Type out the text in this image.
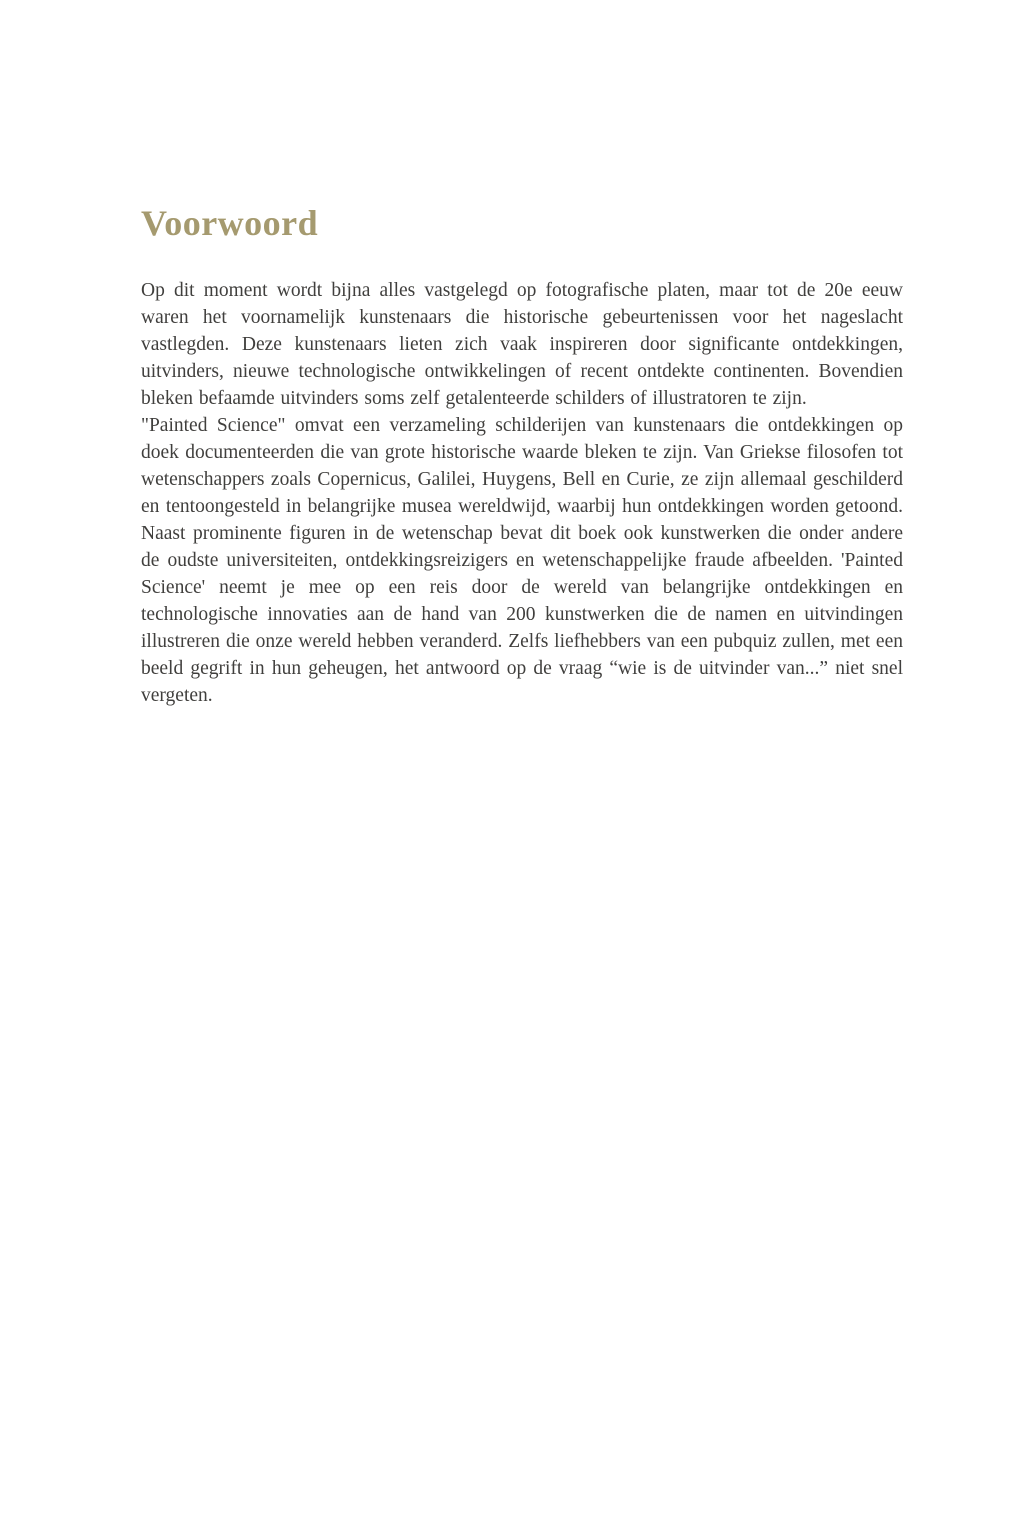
Voorwoord

Op dit moment wordt bijna alles vastgelegd op fotografische platen, maar tot de 20e eeuw waren het voornamelijk kunstenaars die historische gebeurtenissen voor het nageslacht vastlegden. Deze kunstenaars lieten zich vaak inspireren door significante ontdekkingen, uitvinders, nieuwe technologische ontwikkelingen of recent ontdekte continenten. Bovendien bleken befaamde uitvinders soms zelf getalenteerde schilders of illustratoren te zijn.

"Painted Science" omvat een verzameling schilderijen van kunstenaars die ontdekkingen op doek documenteerden die van grote historische waarde bleken te zijn. Van Griekse filosofen tot wetenschappers zoals Copernicus, Galilei, Huygens, Bell en Curie, ze zijn allemaal geschilderd en tentoongesteld in belangrijke musea wereldwijd, waarbij hun ontdekkingen worden getoond. Naast prominente figuren in de wetenschap bevat dit boek ook kunstwerken die onder andere de oudste universiteiten, ontdekkingsreizigers en wetenschappelijke fraude afbeelden. 'Painted Science' neemt je mee op een reis door de wereld van belangrijke ontdekkingen en technologische innovaties aan de hand van 200 kunstwerken die de namen en uitvindingen illustreren die onze wereld hebben veranderd. Zelfs liefhebbers van een pubquiz zullen, met een beeld gegrift in hun geheugen, het antwoord op de vraag “wie is de uitvinder van...” niet snel vergeten.
